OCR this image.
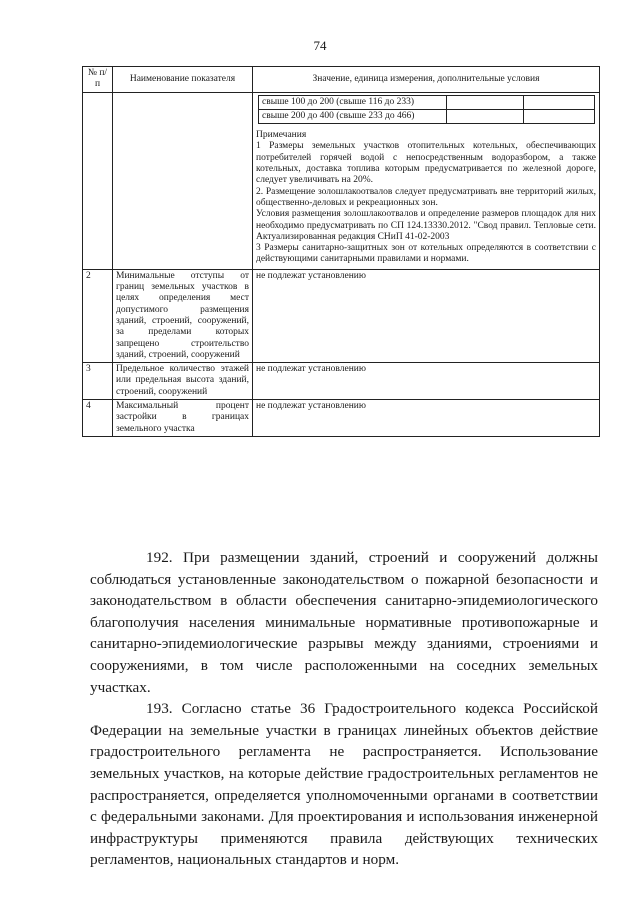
74
№ п/п	Наименование показателя	Значение, единица измерения, дополнительные условия

свыше 100 до 200 (свыше 116 до 233)		
свыше 200 до 400 (свыше 233 до 466)		

Примечания

1 Размеры земельных участков отопительных котельных, обеспечивающих потребителей горячей водой с непосредственным водоразбором, а также котельных, доставка топлива которым предусматривается по железной дороге, следует увеличивать на 20%.

2. Размещение золошлакоотвалов следует предусматривать вне территорий жилых, общественно-деловых и рекреационных зон.

Условия размещения золошлакоотвалов и определение размеров площадок для них необходимо предусматривать по СП 124.13330.2012. "Свод правил. Тепловые сети. Актуализированная редакция СНиП 41-02-2003

3 Размеры санитарно-защитных зон от котельных определяются в соответствии с действующими санитарными правилами и нормами.

2	Минимальные отступы от границ земельных участков в целях определения мест допустимого размещения зданий, строений, сооружений, за пределами которых запрещено строительство зданий, строений, сооружений	не подлежат установлению
3	Предельное количество этажей или предельная высота зданий, строений, сооружений	не подлежат установлению
4	Максимальный процент застройки в границах земельного участка	не подлежат установлению

192. При размещении зданий, строений и сооружений должны соблюдаться установленные законодательством о пожарной безопасности и законодательством в области обеспечения санитарно-эпидемиологического благополучия населения минимальные нормативные противопожарные и санитарно-эпидемиологические разрывы между зданиями, строениями и сооружениями, в том числе расположенными на соседних земельных участках.

193. Согласно статье 36 Градостроительного кодекса Российской Федерации на земельные участки в границах линейных объектов действие градостроительного регламента не распространяется. Использование земельных участков, на которые действие градостроительных регламентов не распространяется, определяется уполномоченными органами в соответствии с федеральными законами. Для проектирования и использования инженерной инфраструктуры применяются правила действующих технических регламентов, национальных стандартов и норм.
